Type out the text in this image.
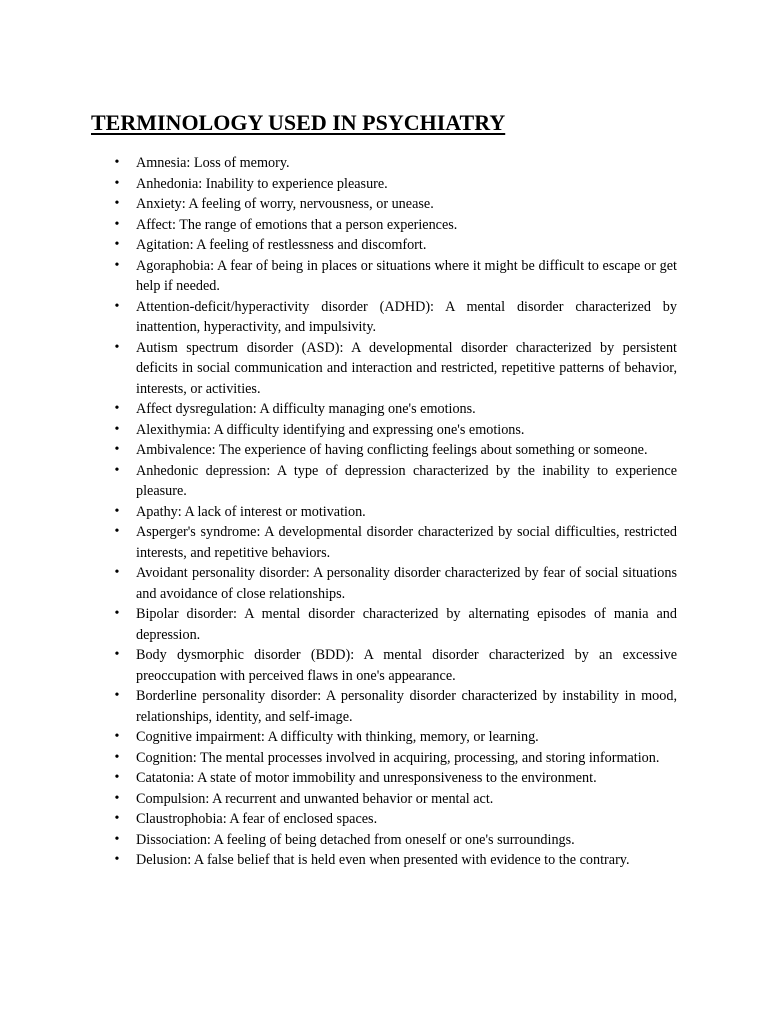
TERMINOLOGY USED IN PSYCHIATRY
• Amnesia: Loss of memory.
• Anhedonia: Inability to experience pleasure.
• Anxiety: A feeling of worry, nervousness, or unease.
• Affect: The range of emotions that a person experiences.
• Agitation: A feeling of restlessness and discomfort.
• Agoraphobia: A fear of being in places or situations where it might be difficult to escape or get help if needed.
• Attention-deficit/hyperactivity disorder (ADHD): A mental disorder characterized by inattention, hyperactivity, and impulsivity.
• Autism spectrum disorder (ASD): A developmental disorder characterized by persistent deficits in social communication and interaction and restricted, repetitive patterns of behavior, interests, or activities.
• Affect dysregulation: A difficulty managing one's emotions.
• Alexithymia: A difficulty identifying and expressing one's emotions.
• Ambivalence: The experience of having conflicting feelings about something or someone.
• Anhedonic depression: A type of depression characterized by the inability to experience pleasure.
• Apathy: A lack of interest or motivation.
• Asperger's syndrome: A developmental disorder characterized by social difficulties, restricted interests, and repetitive behaviors.
• Avoidant personality disorder: A personality disorder characterized by fear of social situations and avoidance of close relationships.
• Bipolar disorder: A mental disorder characterized by alternating episodes of mania and depression.
• Body dysmorphic disorder (BDD): A mental disorder characterized by an excessive preoccupation with perceived flaws in one's appearance.
• Borderline personality disorder: A personality disorder characterized by instability in mood, relationships, identity, and self-image.
• Cognitive impairment: A difficulty with thinking, memory, or learning.
• Cognition: The mental processes involved in acquiring, processing, and storing information.
• Catatonia: A state of motor immobility and unresponsiveness to the environment.
• Compulsion: A recurrent and unwanted behavior or mental act.
• Claustrophobia: A fear of enclosed spaces.
• Dissociation: A feeling of being detached from oneself or one's surroundings.
• Delusion: A false belief that is held even when presented with evidence to the contrary.
